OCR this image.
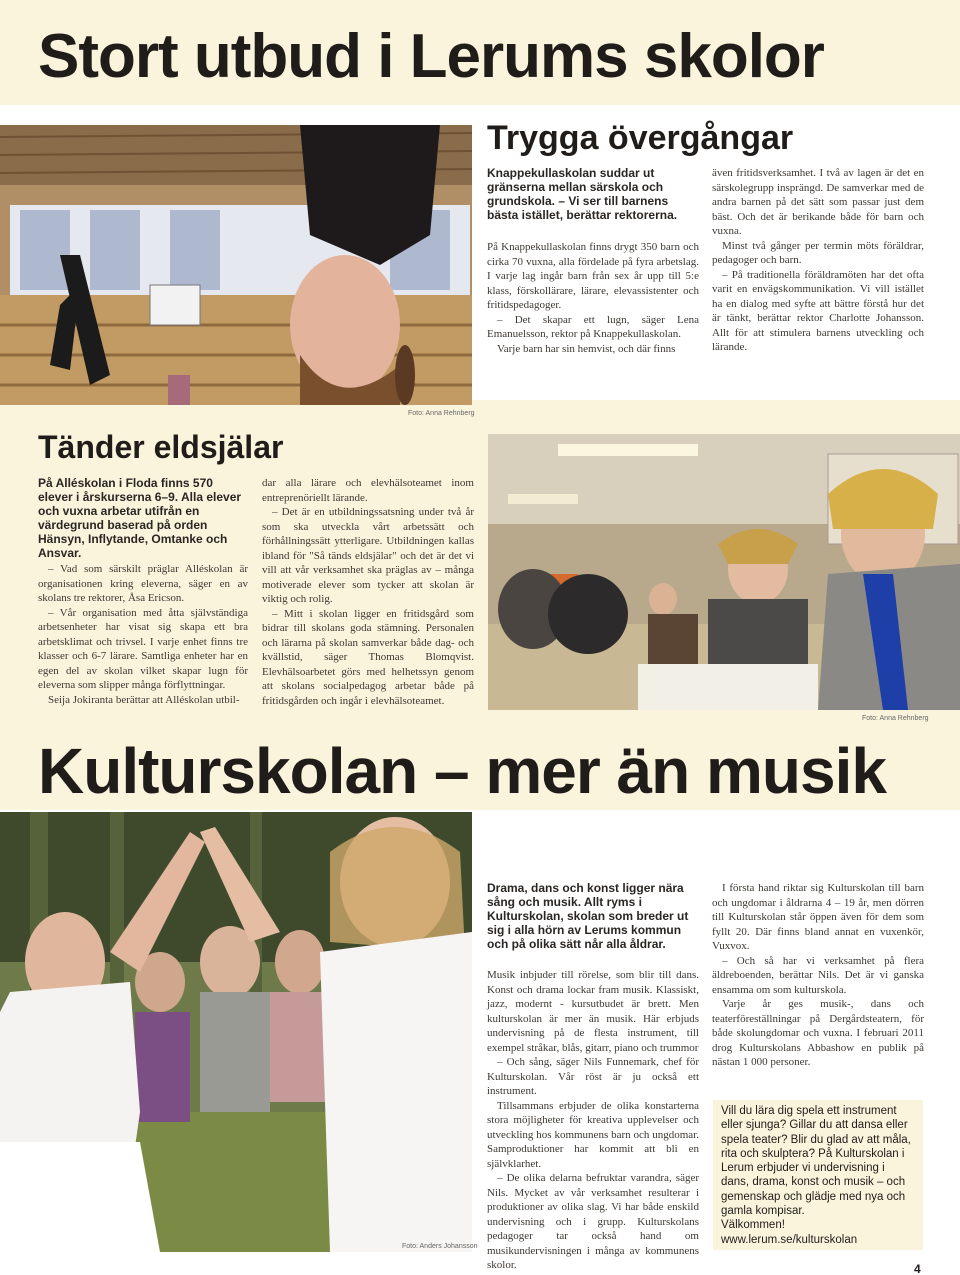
Stort utbud i Lerums skolor
Trygga övergångar
Knappekullaskolan suddar ut gränserna mellan särskola och grundskola. – Vi ser till barnens bästa istället, berättar rektorerna.

På Knappekullaskolan finns drygt 350 barn och cirka 70 vuxna, alla fördelade på fyra arbetslag. I varje lag ingår barn från sex år upp till 5:e klass, förskollärare, lärare, elevassistenter och fritidspedagoger.

– Det skapar ett lugn, säger Lena Emanuelsson, rektor på Knappekullaskolan.

Varje barn har sin hemvist, och där finns

även fritidsverksamhet. I två av lagen är det en särskolegrupp insprängd. De samverkar med de andra barnen på det sätt som passar just dem bäst. Och det är berikande både för barn och vuxna.

Minst två gånger per termin möts föräldrar, pedagoger och barn.

– På traditionella föräldramöten har det ofta varit en envägskommunikation. Vi vill istället ha en dialog med syfte att bättre förstå hur det är tänkt, berättar rektor Charlotte Johansson. Allt för att stimulera barnens utveckling och lärande.

Foto: Anna Rehnberg
Tänder eldsjälar
På Alléskolan i Floda finns 570 elever i årskurserna 6–9. Alla elever och vuxna arbetar utifrån en värdegrund baserad på orden Hänsyn, Inflytande, Omtanke och Ansvar.

– Vad som särskilt präglar Alléskolan är organisationen kring eleverna, säger en av skolans tre rektorer, Åsa Ericson.

– Vår organisation med åtta självständiga arbetsenheter har visat sig skapa ett bra arbetsklimat och trivsel. I varje enhet finns tre klasser och 6-7 lärare. Samtliga enheter har en egen del av skolan vilket skapar lugn för eleverna som slipper många förflyttningar.

Seija Jokiranta berättar att Alléskolan utbil-

dar alla lärare och elevhälsoteamet inom entreprenöriellt lärande.

– Det är en utbildningssatsning under två år som ska utveckla vårt arbetssätt och förhållningssätt ytterligare. Utbildningen kallas ibland för "Så tänds eldsjälar" och det är det vi vill att vår verksamhet ska präglas av – många motiverade elever som tycker att skolan är viktig och rolig.

– Mitt i skolan ligger en fritidsgård som bidrar till skolans goda stämning. Personalen och lärarna på skolan samverkar både dag- och kvällstid, säger Thomas Blomqvist. Elevhälsoarbetet görs med helhetssyn genom att skolans socialpedagog arbetar både på fritidsgården och ingår i elevhälsoteamet.

Foto: Anna Rehnberg
Kulturskolan – mer än musik
Foto: Anders Johansson
Drama, dans och konst ligger nära sång och musik. Allt ryms i Kulturskolan, skolan som breder ut sig i alla hörn av Lerums kommun och på olika sätt når alla åldrar.

Musik inbjuder till rörelse, som blir till dans. Konst och drama lockar fram musik. Klassiskt, jazz, modernt - kursutbudet är brett. Men kulturskolan är mer än musik. Här erbjuds undervisning på de flesta instrument, till exempel stråkar, blås, gitarr, piano och trummor

– Och sång, säger Nils Funnemark, chef för Kulturskolan. Vår röst är ju också ett instrument.

Tillsammans erbjuder de olika konstarterna stora möjligheter för kreativa upplevelser och utveckling hos kommunens barn och ungdomar. Samproduktioner har kommit att bli en självklarhet.

– De olika delarna befruktar varandra, säger Nils. Mycket av vår verksamhet resulterar i produktioner av olika slag. Vi har både enskild undervisning och i grupp. Kulturskolans pedagoger tar också hand om musikundervisningen i många av kommunens skolor.

I första hand riktar sig Kulturskolan till barn och ungdomar i åldrarna 4 – 19 år, men dörren till Kulturskolan står öppen även för dem som fyllt 20. Där finns bland annat en vuxenkör, Vuxvox.

– Och så har vi verksamhet på flera äldreboenden, berättar Nils. Det är vi ganska ensamma om som kulturskola.

Varje år ges musik-, dans och teaterföreställningar på Dergårdsteatern, för både skolungdomar och vuxna. I februari 2011 drog Kulturskolans Abbashow en publik på nästan 1 000 personer.

Vill du lära dig spela ett instrument eller sjunga? Gillar du att dansa eller spela teater? Blir du glad av att måla, rita och skulptera? På Kulturskolan i Lerum erbjuder vi undervisning i dans, drama, konst och musik – och gemenskap och glädje med nya och gamla kompisar.
Välkommen!
www.lerum.se/kulturskolan
4
